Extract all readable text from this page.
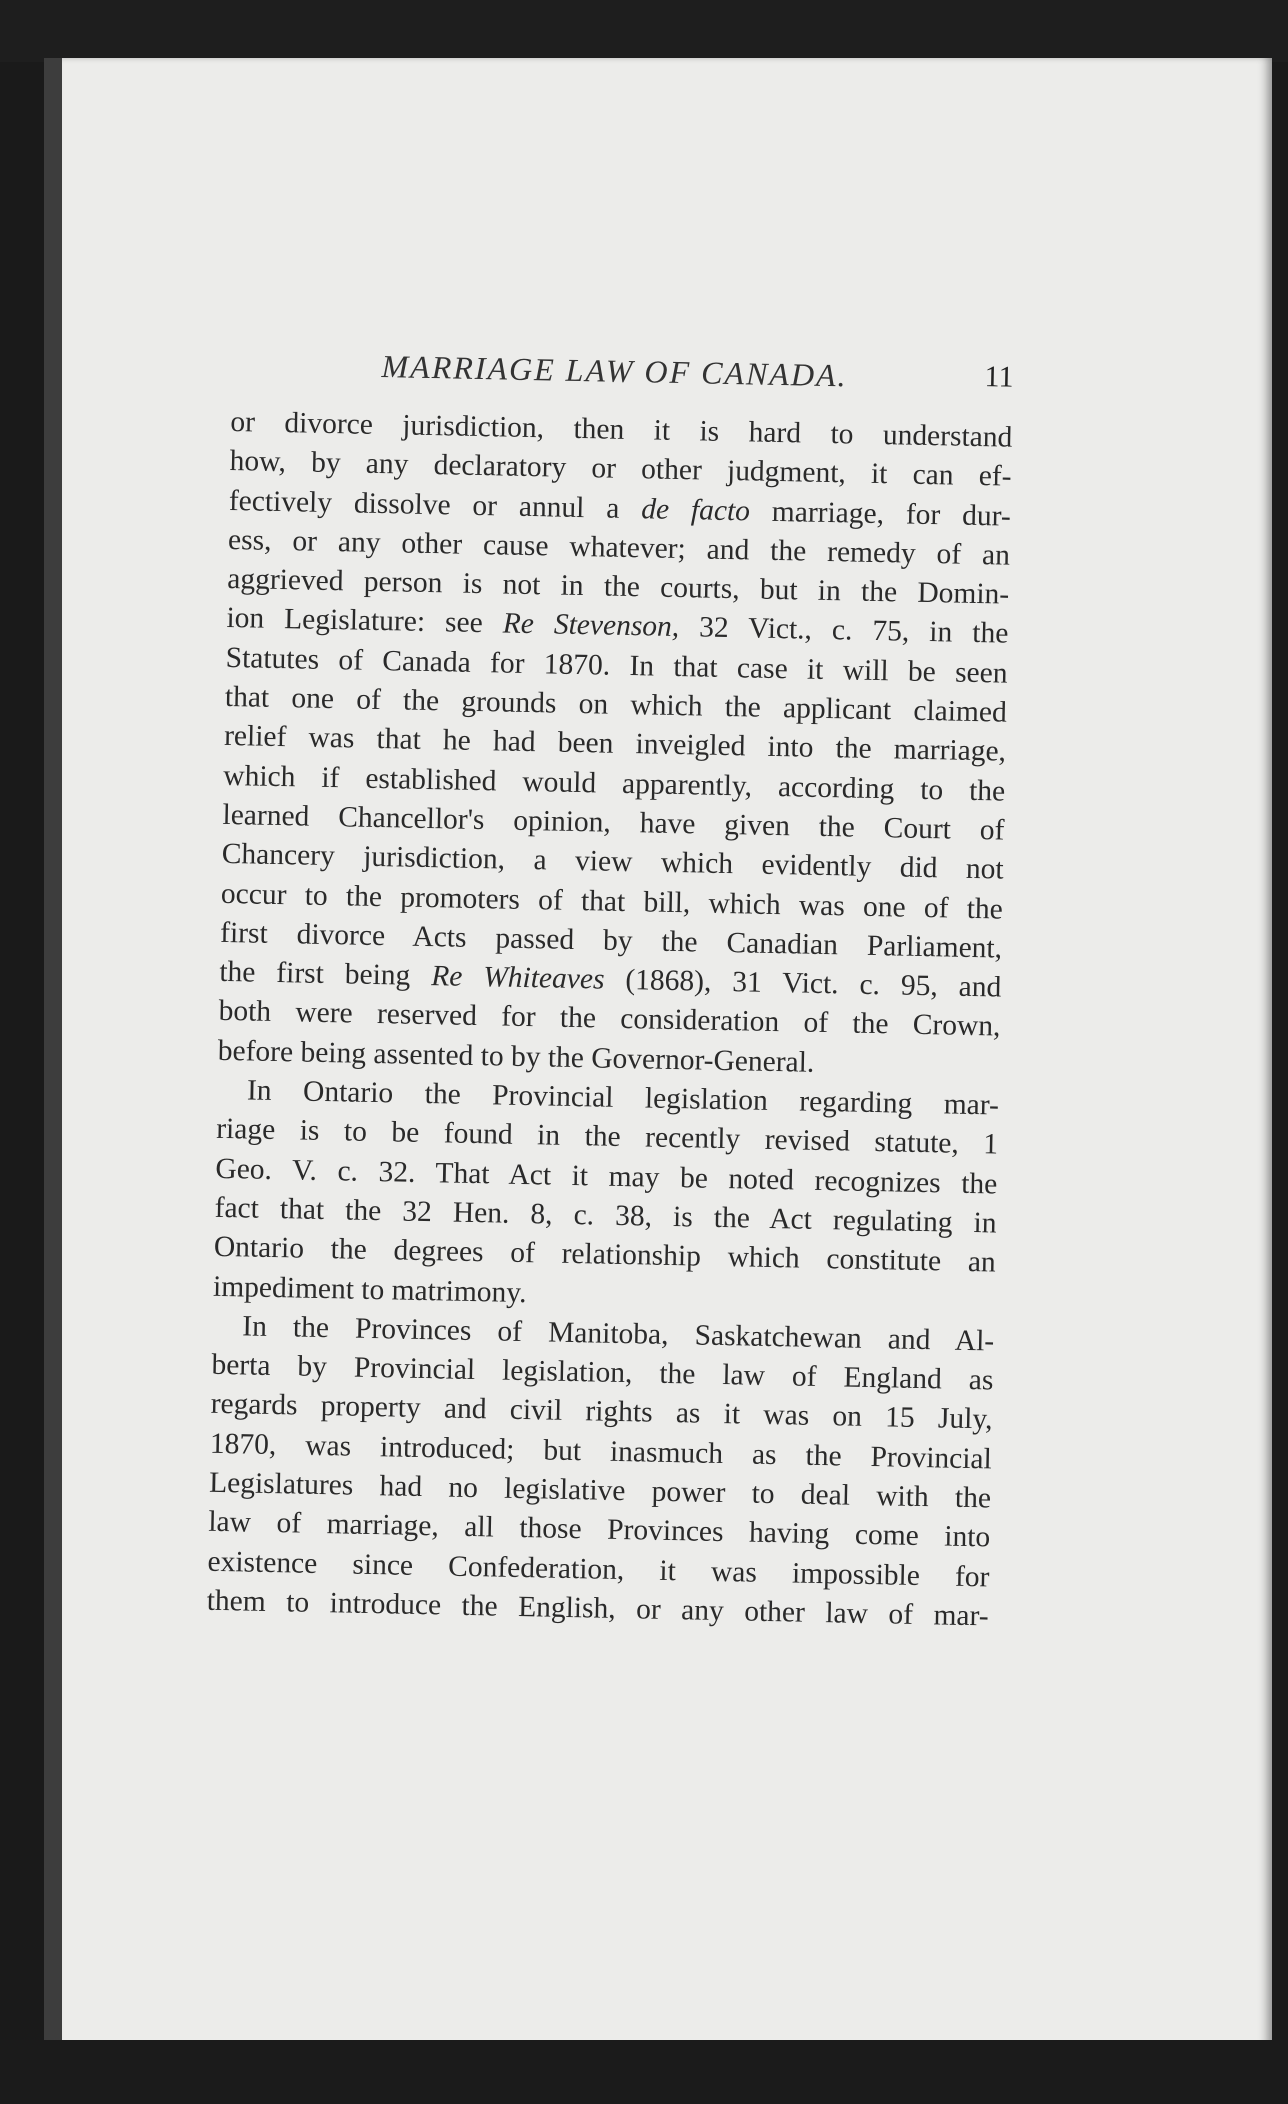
MARRIAGE LAW OF CANADA.	11
or divorce jurisdiction, then it is hard to understand
how, by any declaratory or other judgment, it can ef-
fectively dissolve or annul a de facto marriage, for dur-
ess, or any other cause whatever; and the remedy of an
aggrieved person is not in the courts, but in the Domin-
ion Legislature: see Re Stevenson, 32 Vict., c. 75, in the
Statutes of Canada for 1870. In that case it will be seen
that one of the grounds on which the applicant claimed
relief was that he had been inveigled into the marriage,
which if established would apparently, according to the
learned Chancellor's opinion, have given the Court of
Chancery jurisdiction, a view which evidently did not
occur to the promoters of that bill, which was one of the
first divorce Acts passed by the Canadian Parliament,
the first being Re Whiteaves (1868), 31 Vict. c. 95, and
both were reserved for the consideration of the Crown,
before being assented to by the Governor-General.
In Ontario the Provincial legislation regarding mar-
riage is to be found in the recently revised statute, 1
Geo. V. c. 32. That Act it may be noted recognizes the
fact that the 32 Hen. 8, c. 38, is the Act regulating in
Ontario the degrees of relationship which constitute an
impediment to matrimony.
In the Provinces of Manitoba, Saskatchewan and Al-
berta by Provincial legislation, the law of England as
regards property and civil rights as it was on 15 July,
1870, was introduced; but inasmuch as the Provincial
Legislatures had no legislative power to deal with the
law of marriage, all those Provinces having come into
existence since Confederation, it was impossible for
them to introduce the English, or any other law of mar-
